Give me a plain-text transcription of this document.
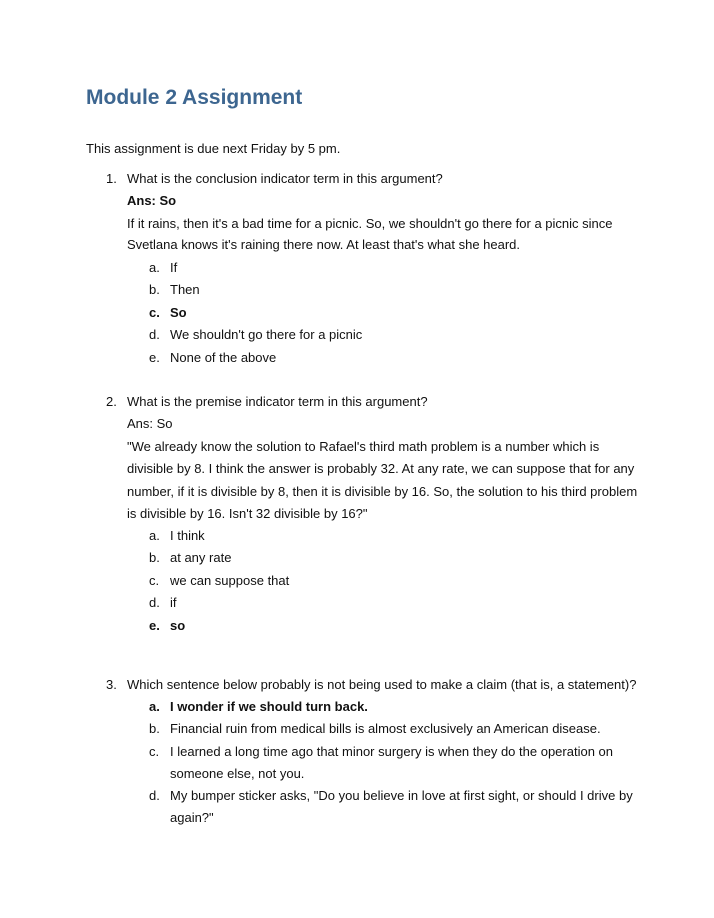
Module 2 Assignment
This assignment is due next Friday by 5 pm.
1. What is the conclusion indicator term in this argument?
Ans: So
If it rains, then it's a bad time for a picnic. So, we shouldn't go there for a picnic since
Svetlana knows it's raining there now. At least that's what she heard.
a. If
b. Then
c. So
d. We shouldn't go there for a picnic
e. None of the above
2. What is the premise indicator term in this argument?
Ans: So
"We already know the solution to Rafael's third math problem is a number which is
divisible by 8. I think the answer is probably 32. At any rate, we can suppose that for any
number, if it is divisible by 8, then it is divisible by 16. So, the solution to his third problem
is divisible by 16. Isn't 32 divisible by 16?"
a. I think
b. at any rate
c. we can suppose that
d. if
e. so
3. Which sentence below probably is not being used to make a claim (that is, a statement)?
a. I wonder if we should turn back.
b. Financial ruin from medical bills is almost exclusively an American disease.
c. I learned a long time ago that minor surgery is when they do the operation on
someone else, not you.
d. My bumper sticker asks, "Do you believe in love at first sight, or should I drive by
again?"
